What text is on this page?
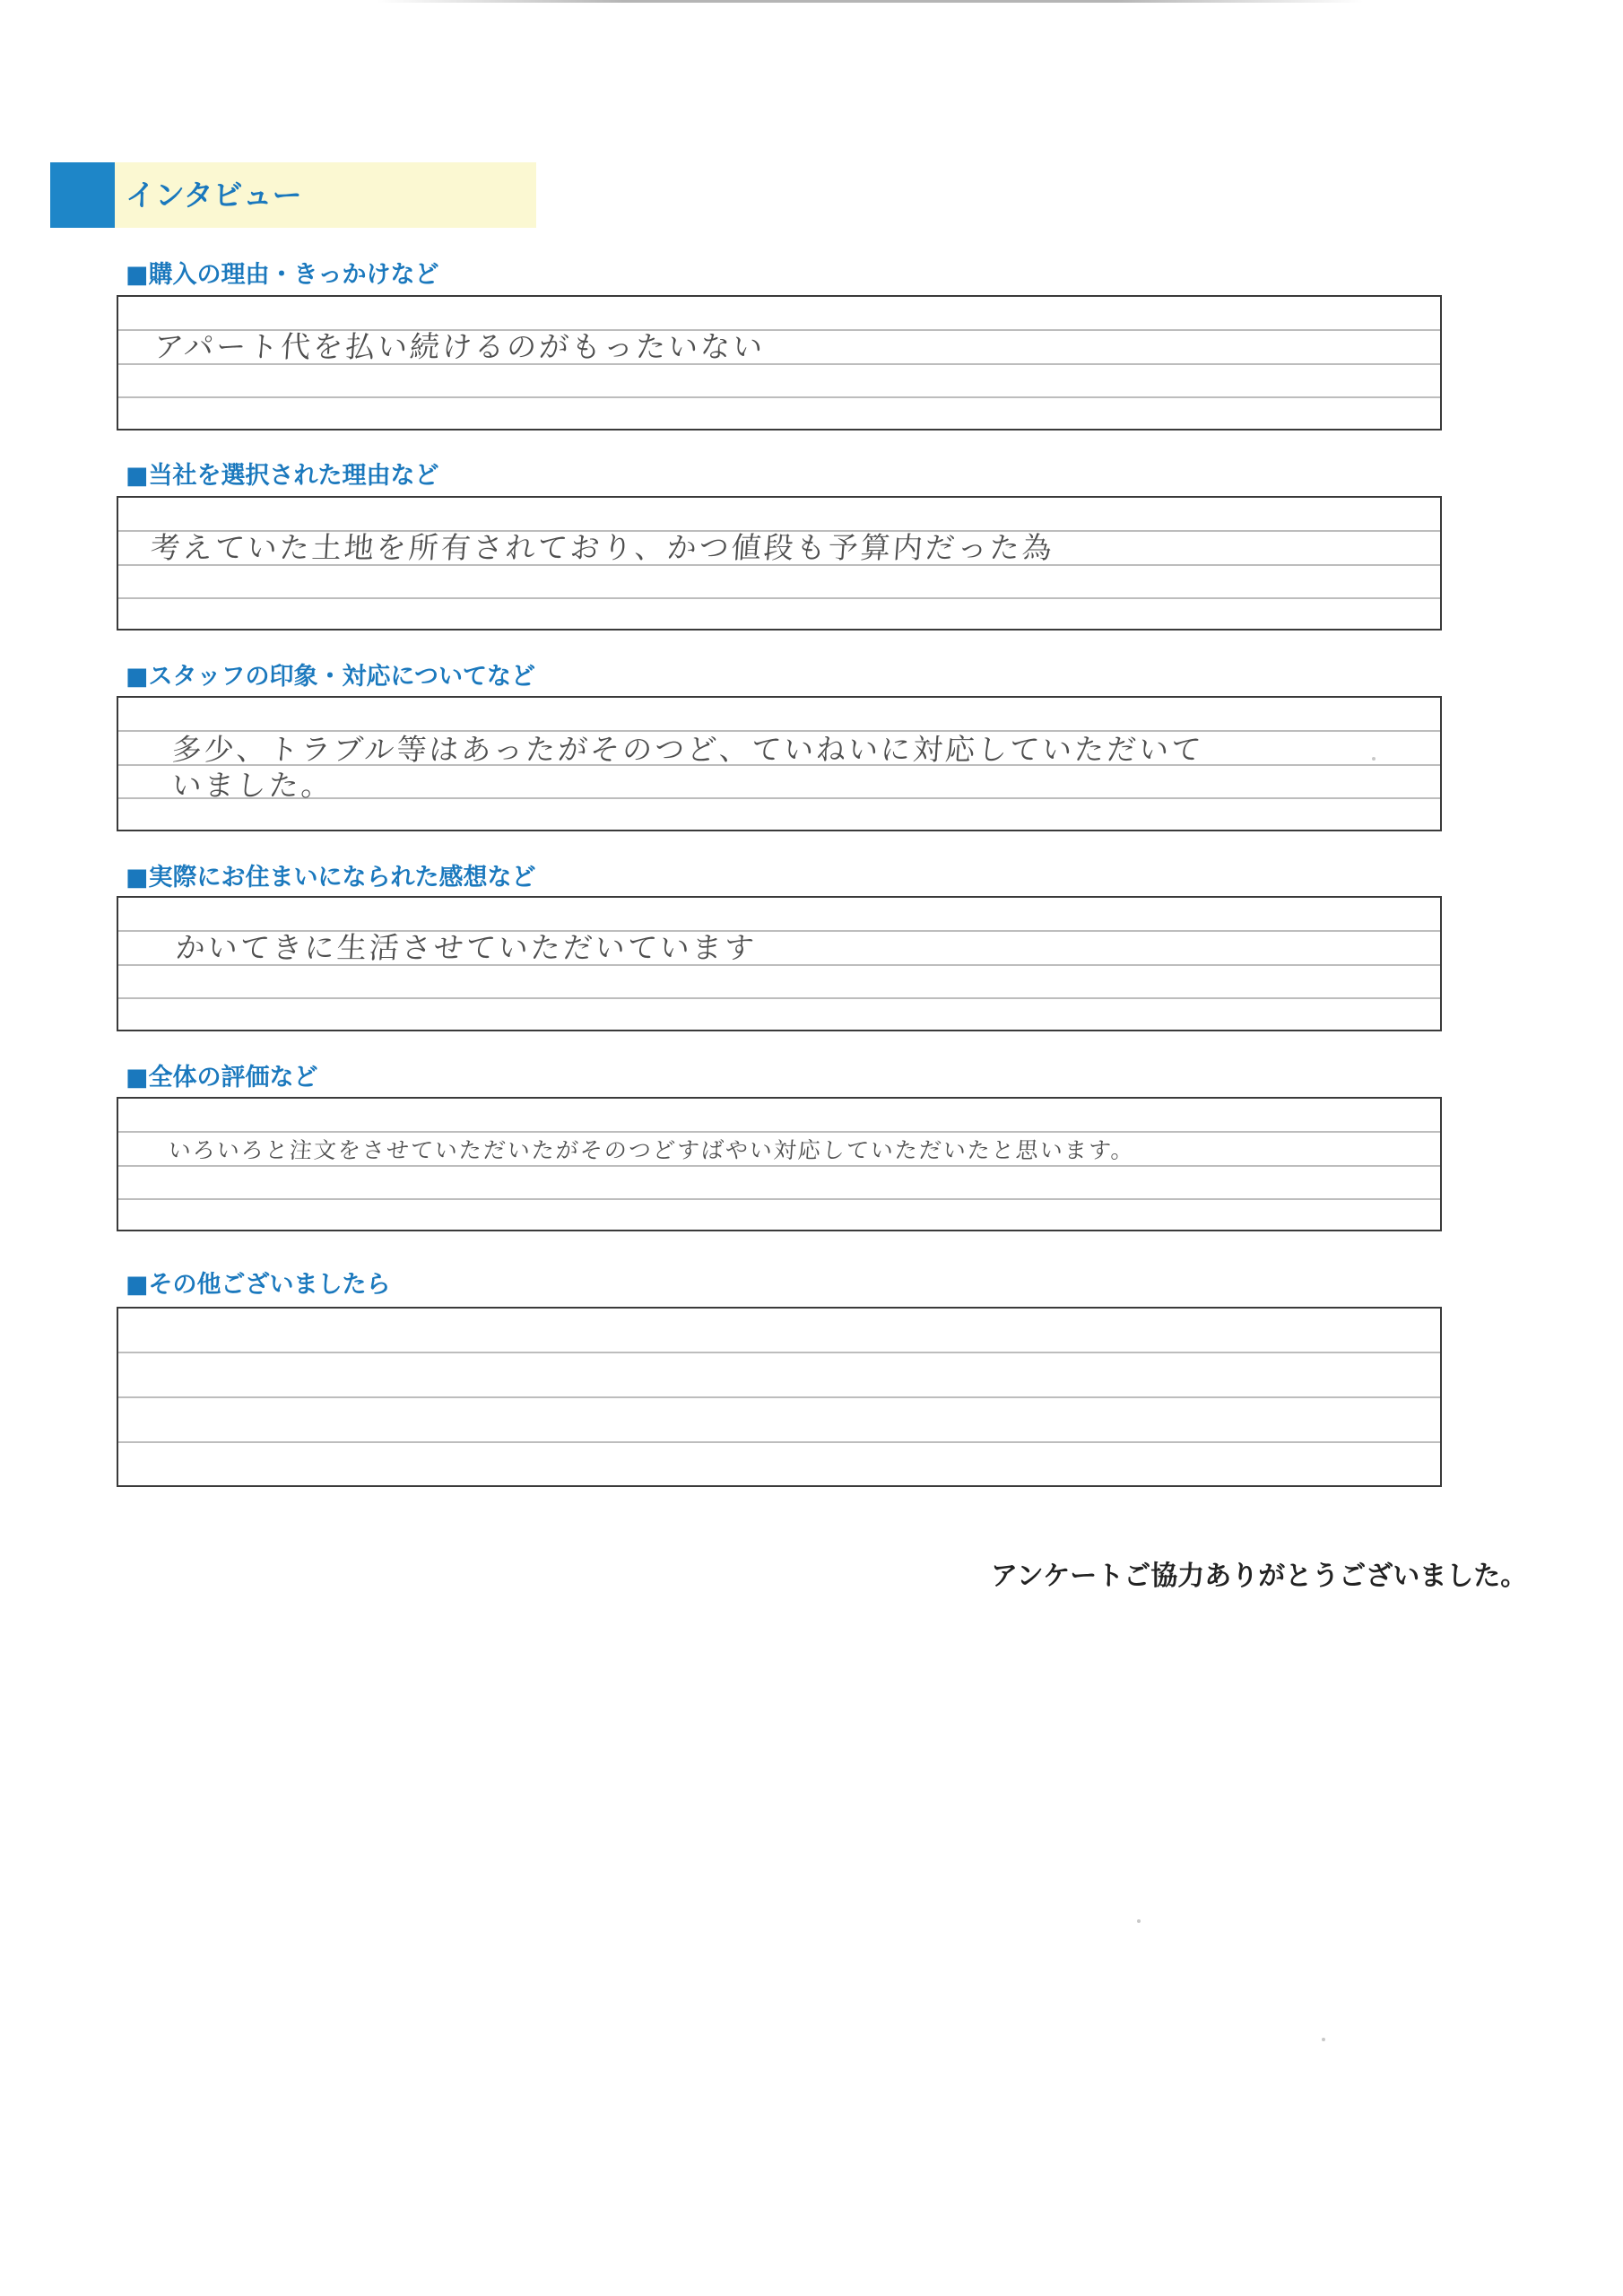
インタビュー
■購入の理由・きっかけなど
アパート代を払い続けるのがもったいない
■当社を選択された理由など
考えていた土地を所有されており、かつ値段も予算内だった為
■スタッフの印象・対応についてなど
多少、トラブル等はあったがそのつど、ていねいに対応していただいて
いました。
■実際にお住まいになられた感想など
かいてきに生活させていただいています
■全体の評価など
いろいろと注文をさせていただいたがそのつどすばやい対応していただいたと思います。
■その他ございましたら
アンケートご協力ありがとうございました。
